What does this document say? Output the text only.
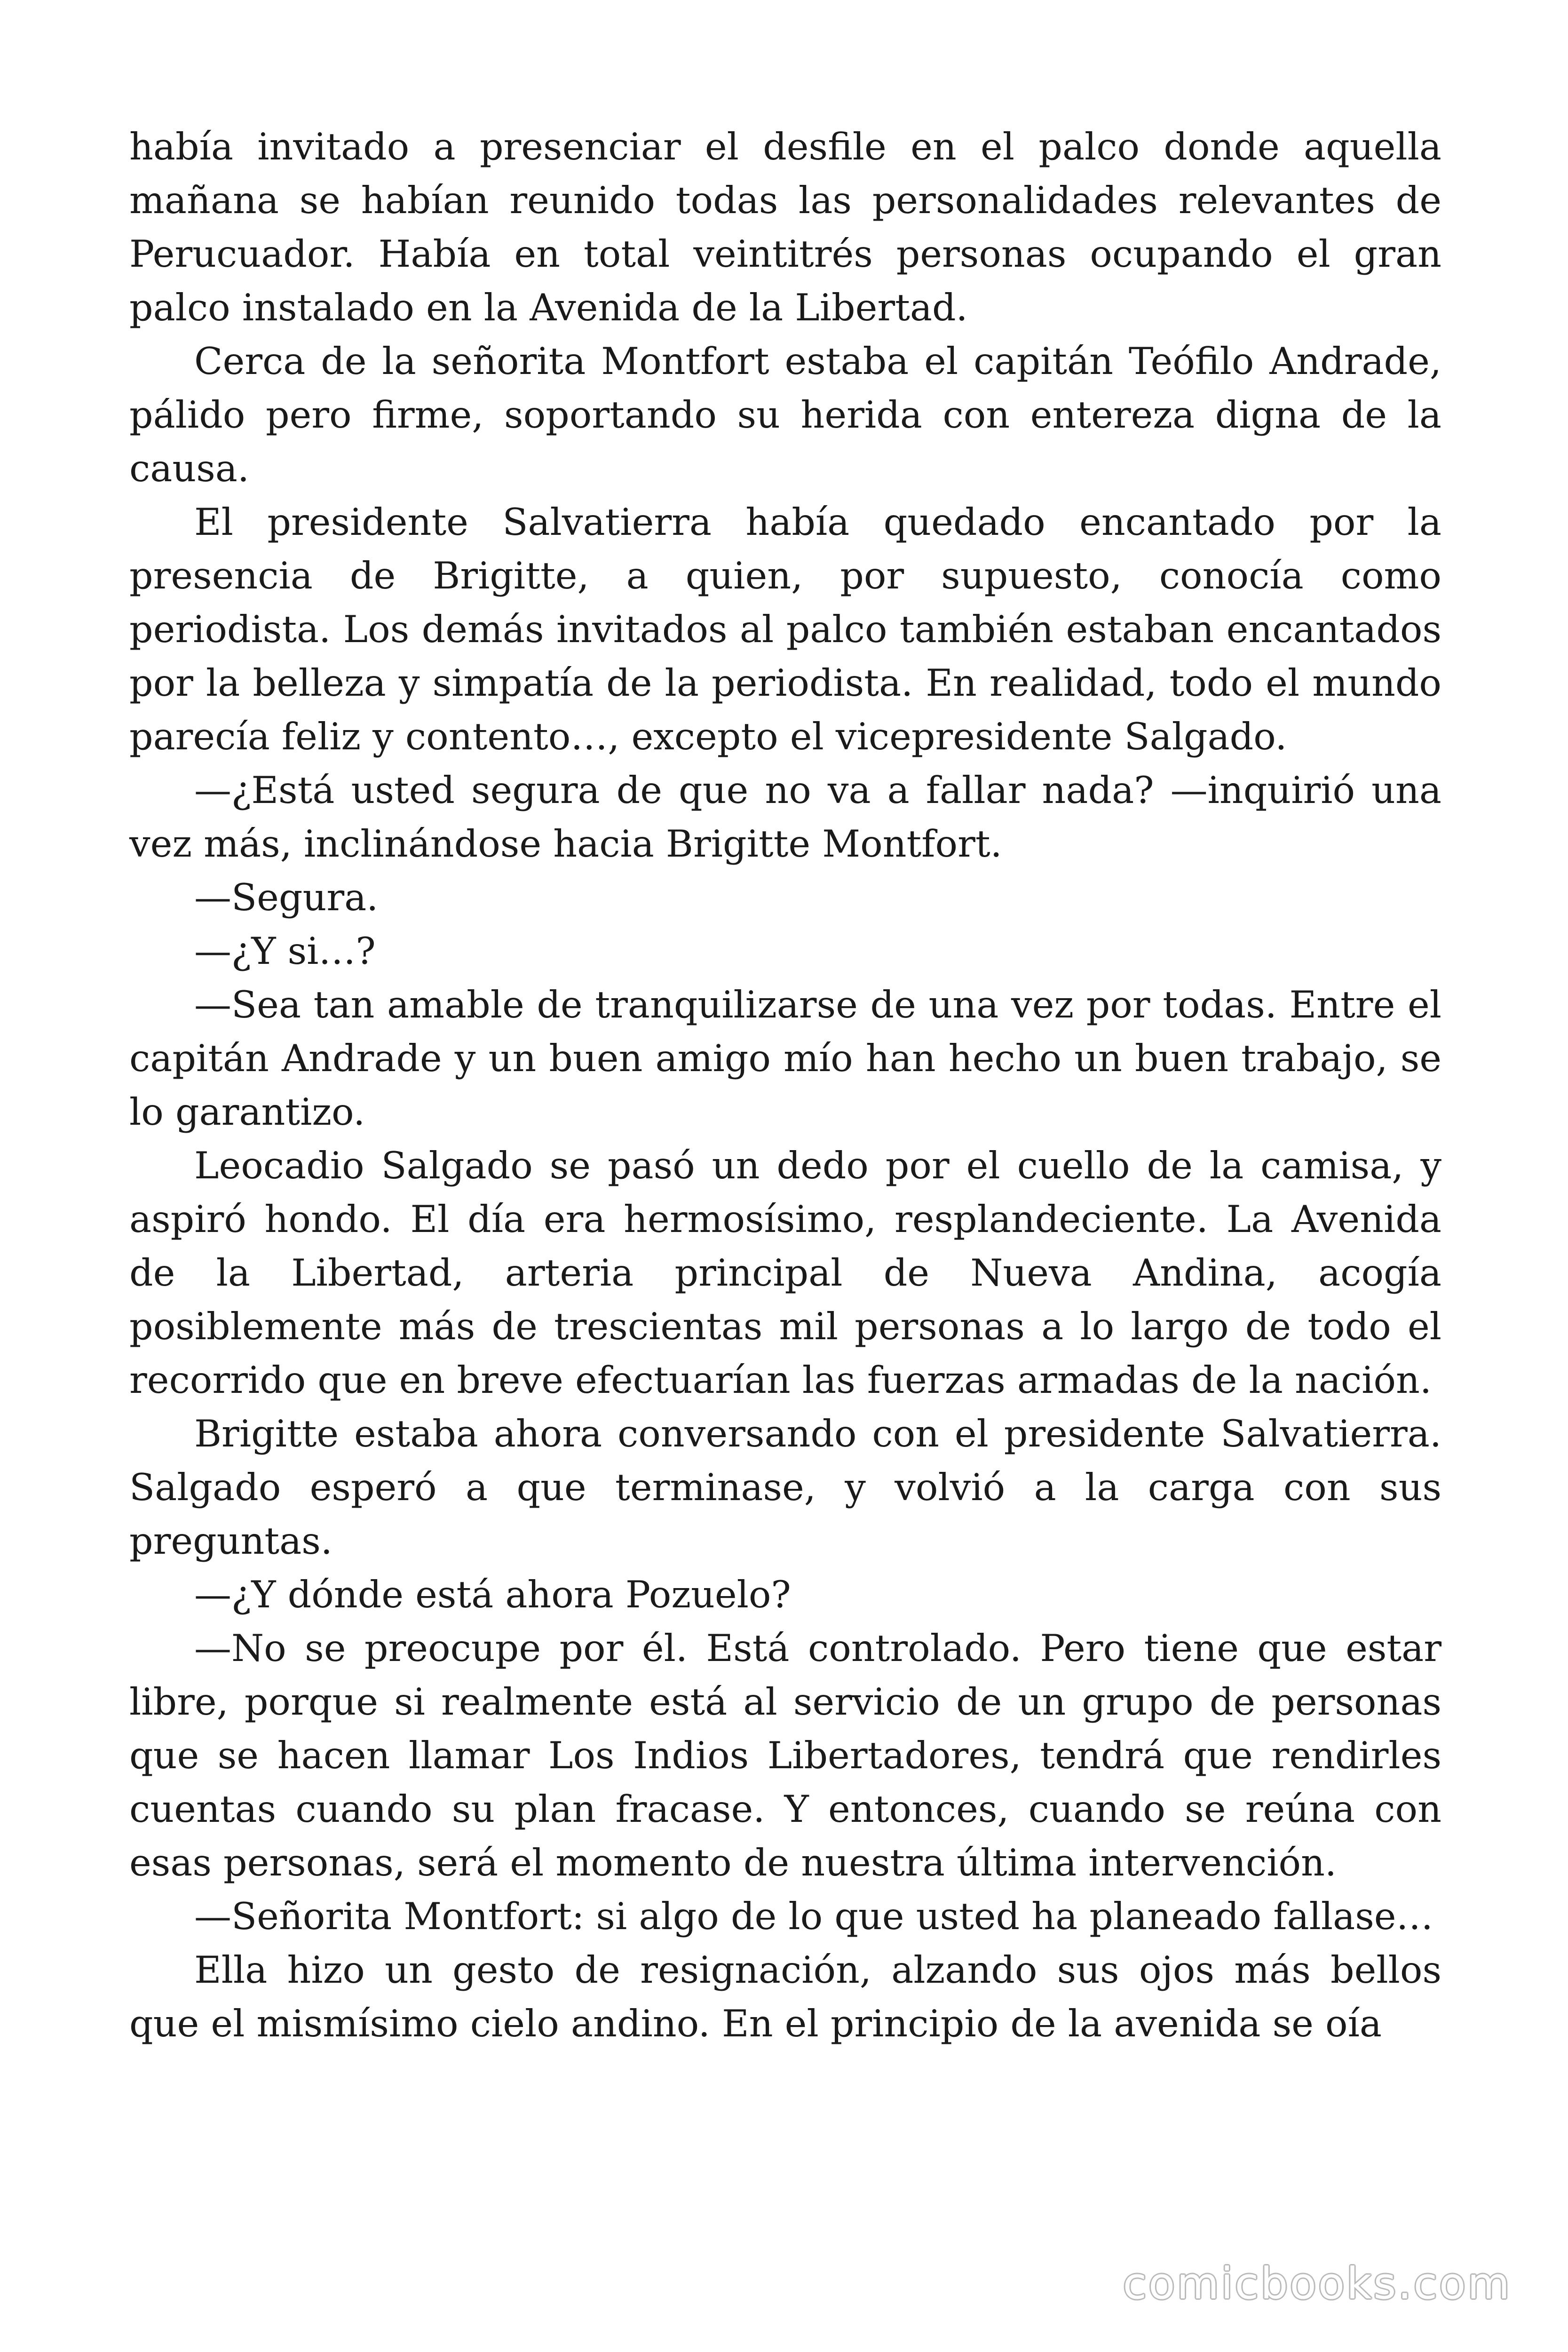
había invitado a presenciar el desfile en el palco donde aquella mañana se habían reunido todas las personalidades relevantes de Perucuador. Había en total veintitrés personas ocupando el gran palco instalado en la Avenida de la Libertad.

Cerca de la señorita Montfort estaba el capitán Teófilo Andrade, pálido pero firme, soportando su herida con entereza digna de la causa.

El presidente Salvatierra había quedado encantado por la presencia de Brigitte, a quien, por supuesto, conocía como periodista. Los demás invitados al palco también estaban encantados por la belleza y simpatía de la periodista. En realidad, todo el mundo parecía feliz y contento…, excepto el vicepresidente Salgado.

—¿Está usted segura de que no va a fallar nada? —inquirió una vez más, inclinándose hacia Brigitte Montfort.

—Segura.

—¿Y si…?

—Sea tan amable de tranquilizarse de una vez por todas. Entre el capitán Andrade y un buen amigo mío han hecho un buen trabajo, se lo garantizo.

Leocadio Salgado se pasó un dedo por el cuello de la camisa, y aspiró hondo. El día era hermosísimo, resplandeciente. La Avenida de la Libertad, arteria principal de Nueva Andina, acogía posiblemente más de trescientas mil personas a lo largo de todo el recorrido que en breve efectuarían las fuerzas armadas de la nación.

Brigitte estaba ahora conversando con el presidente Salvatierra. Salgado esperó a que terminase, y volvió a la carga con sus preguntas.

—¿Y dónde está ahora Pozuelo?

—No se preocupe por él. Está controlado. Pero tiene que estar libre, porque si realmente está al servicio de un grupo de personas que se hacen llamar Los Indios Libertadores, tendrá que rendirles cuentas cuando su plan fracase. Y entonces, cuando se reúna con esas personas, será el momento de nuestra última intervención.

—Señorita Montfort: si algo de lo que usted ha planeado fallase…

Ella hizo un gesto de resignación, alzando sus ojos más bellos que el mismísimo cielo andino. En el principio de la avenida se oía

comicbooks.com
